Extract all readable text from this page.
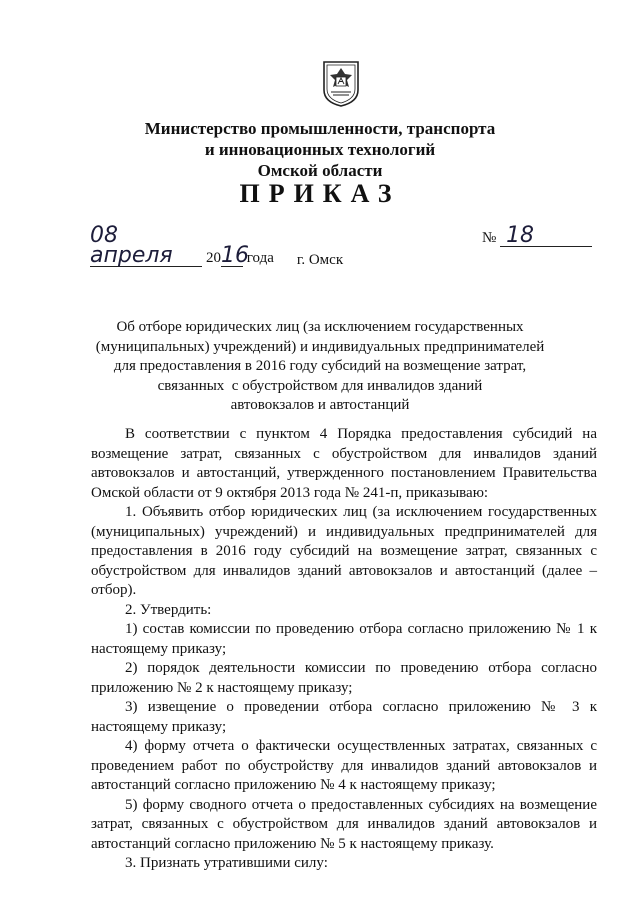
Министерство промышленности, транспорта
и инновационных технологий
Омской области
ПРИКАЗ
08 апреля 2016 года
№ 18
г. Омск
Об отборе юридических лиц (за исключением государственных
(муниципальных) учреждений) и индивидуальных предпринимателей
для предоставления в 2016 году субсидий на возмещение затрат,
связанных  с обустройством для инвалидов зданий
автовокзалов и автостанций

В соответствии с пунктом 4 Порядка предоставления субсидий на возмещение затрат, связанных с обустройством для инвалидов зданий автовокзалов и автостанций, утвержденного постановлением Правительства Омской области от 9 октября 2013 года № 241-п, приказываю:

1. Объявить отбор юридических лиц (за исключением государственных (муниципальных) учреждений) и индивидуальных предпринимателей для предоставления в 2016 году субсидий на возмещение затрат, связанных с обустройством для инвалидов зданий автовокзалов и автостанций (далее – отбор).

2. Утвердить:

1) состав комиссии по проведению отбора согласно приложению № 1 к настоящему приказу;

2) порядок деятельности комиссии по проведению отбора согласно приложению № 2 к настоящему приказу;

3) извещение о проведении отбора согласно приложению № 3 к настоящему приказу;

4) форму отчета о фактически осуществленных затратах, связанных с проведением работ по обустройству для инвалидов зданий автовокзалов и автостанций согласно приложению № 4 к настоящему приказу;

5) форму сводного отчета о предоставленных субсидиях на возмещение затрат, связанных с обустройством для инвалидов зданий автовокзалов и автостанций согласно приложению № 5 к настоящему приказу.

3. Признать утратившими силу:
